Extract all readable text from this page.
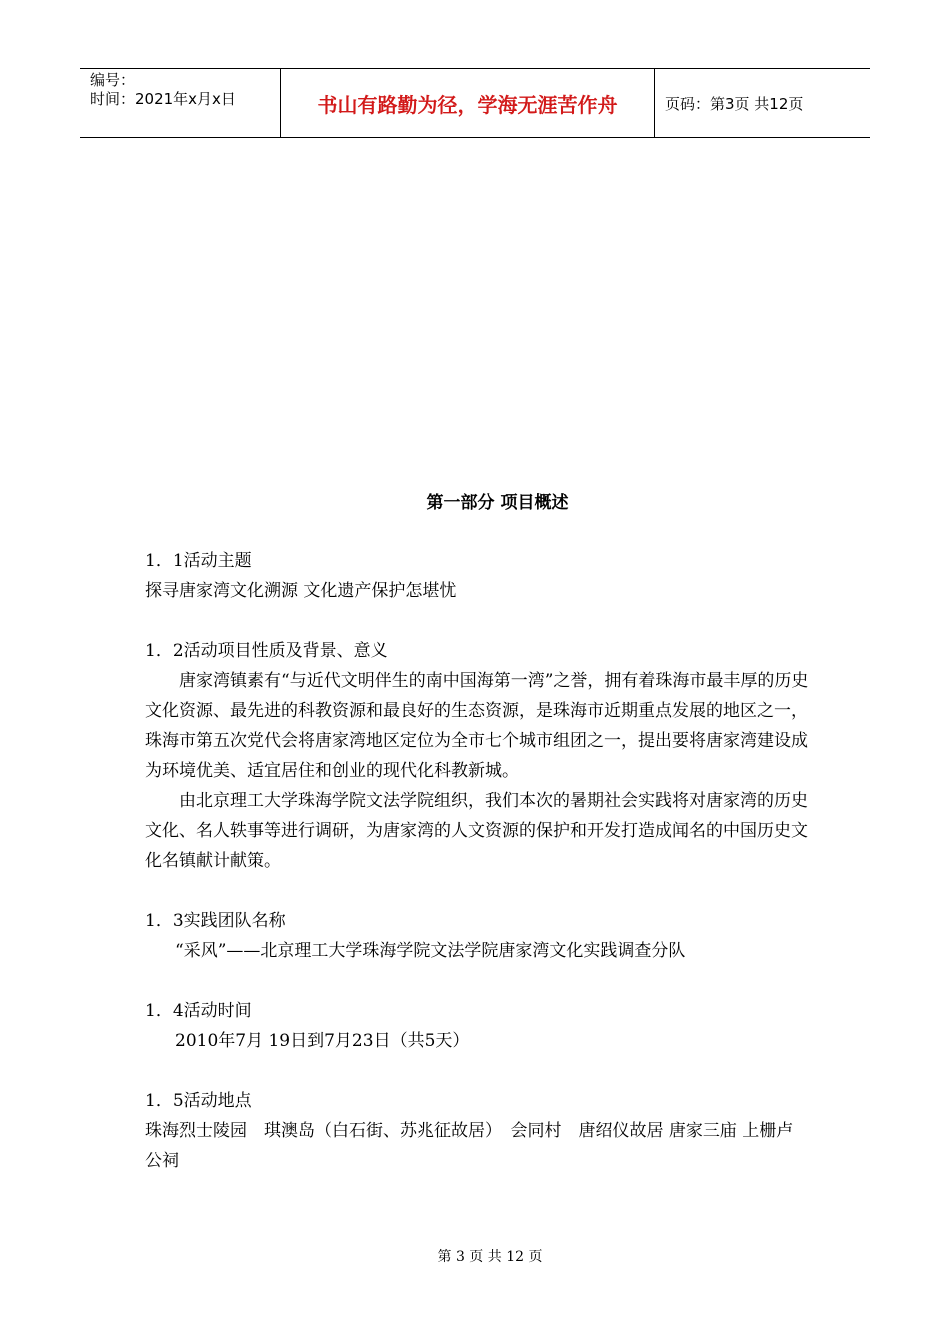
编号：
时间：2021年x月x日	书山有路勤为径，学海无涯苦作舟	页码：第3页 共12页
第一部分 项目概述

1．1活动主题

探寻唐家湾文化溯源 文化遗产保护怎堪忧

1．2活动项目性质及背景、意义

唐家湾镇素有“与近代文明伴生的南中国海第一湾”之誉，拥有着珠海市最丰厚的历史文化资源、最先进的科教资源和最良好的生态资源，是珠海市近期重点发展的地区之一，珠海市第五次党代会将唐家湾地区定位为全市七个城市组团之一，提出要将唐家湾建设成为环境优美、适宜居住和创业的现代化科教新城。

由北京理工大学珠海学院文法学院组织，我们本次的暑期社会实践将对唐家湾的历史文化、名人轶事等进行调研，为唐家湾的人文资源的保护和开发打造成闻名的中国历史文化名镇献计献策。

1．3实践团队名称

“采风”——北京理工大学珠海学院文法学院唐家湾文化实践调查分队

1．4活动时间

2010年7月 19日到7月23日（共5天）

1．5活动地点

珠海烈士陵园　琪澳岛（白石街、苏兆征故居）　会同村　唐绍仪故居 唐家三庙 上栅卢公祠

第 3 页 共 12 页
